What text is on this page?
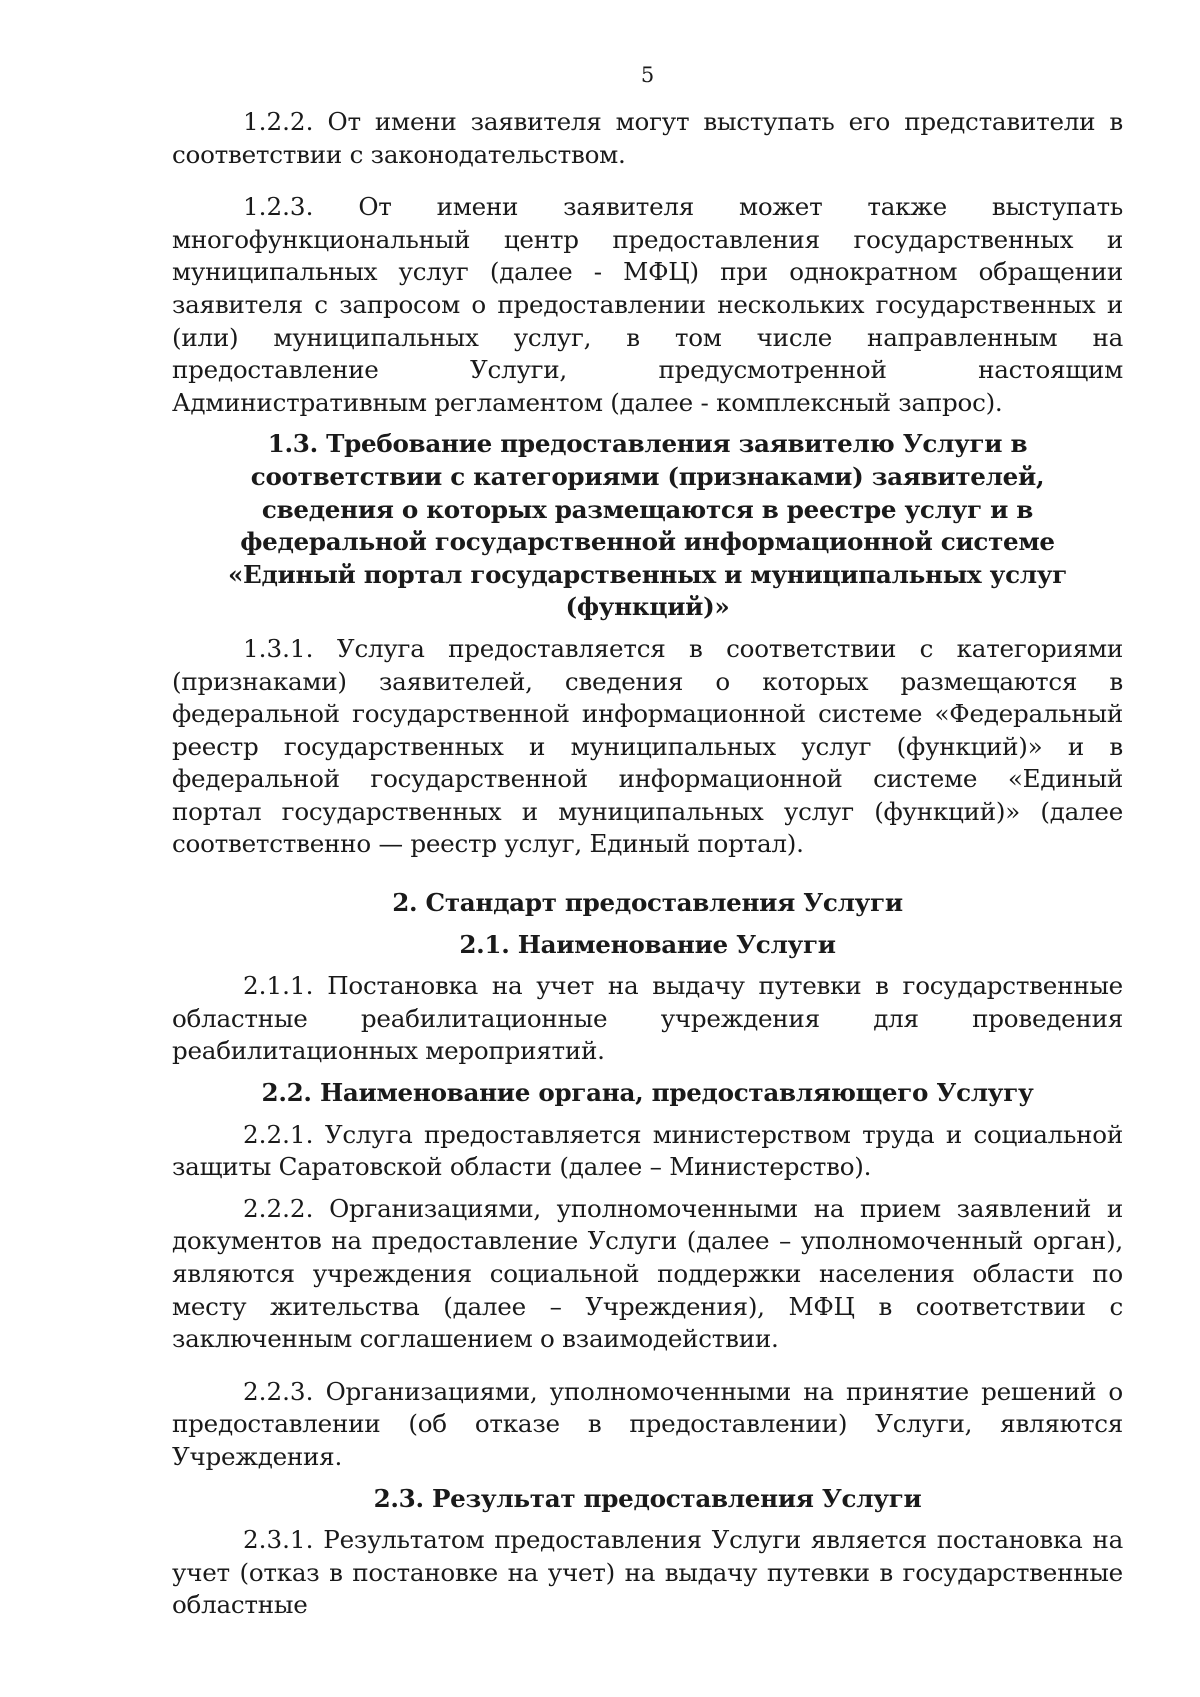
5

1.2.2. От имени заявителя могут выступать его представители в соответствии с законодательством.

1.2.3. От имени заявителя может также выступать многофункциональный центр предоставления государственных и муниципальных услуг (далее - МФЦ) при однократном обращении заявителя с запросом о предоставлении нескольких государственных и (или) муниципальных услуг, в том числе направленным на предоставление Услуги, предусмотренной настоящим Административным регламентом (далее - комплексный запрос).

1.3. Требование предоставления заявителю Услуги в соответствии с категориями (признаками) заявителей, сведения о которых размещаются в реестре услуг и в федеральной государственной информационной системе «Единый портал государственных и муниципальных услуг (функций)»

1.3.1. Услуга предоставляется в соответствии с категориями (признаками) заявителей, сведения о которых размещаются в федеральной государственной информационной системе «Федеральный реестр государственных и муниципальных услуг (функций)» и в федеральной государственной информационной системе «Единый портал государственных и муниципальных услуг (функций)» (далее соответственно — реестр услуг, Единый портал).

2. Стандарт предоставления Услуги

2.1. Наименование Услуги

2.1.1. Постановка на учет на выдачу путевки в государственные областные реабилитационные учреждения для проведения реабилитационных мероприятий.

2.2. Наименование органа, предоставляющего Услугу

2.2.1. Услуга предоставляется министерством труда и социальной защиты Саратовской области (далее – Министерство).

2.2.2. Организациями, уполномоченными на прием заявлений и документов на предоставление Услуги (далее – уполномоченный орган), являются учреждения социальной поддержки населения области по месту жительства (далее – Учреждения), МФЦ в соответствии с заключенным соглашением о взаимодействии.

2.2.3. Организациями, уполномоченными на принятие решений о предоставлении (об отказе в предоставлении) Услуги, являются Учреждения.

2.3. Результат предоставления Услуги

2.3.1. Результатом предоставления Услуги является постановка на учет (отказ в постановке на учет) на выдачу путевки в государственные областные
